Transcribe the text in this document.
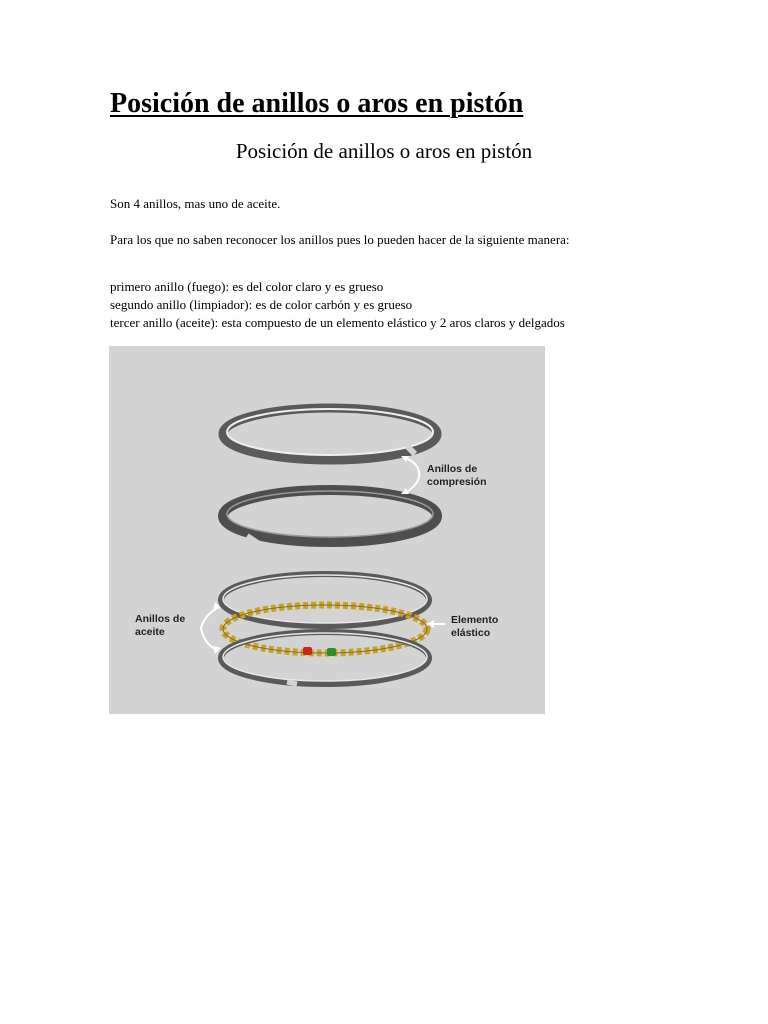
Posición de anillos o aros en pistón
Posición de anillos o aros en pistón
Son 4 anillos, mas uno de aceite.
Para los que no saben reconocer los anillos pues lo pueden hacer de la siguiente manera:
primero anillo (fuego): es del color claro y es grueso
segundo anillo (limpiador): es de color carbón y es grueso
tercer anillo (aceite): esta compuesto de un elemento elástico y 2 aros claros y delgados
Anillos de
compresión
Anillos de
aceite
Elemento
elástico
